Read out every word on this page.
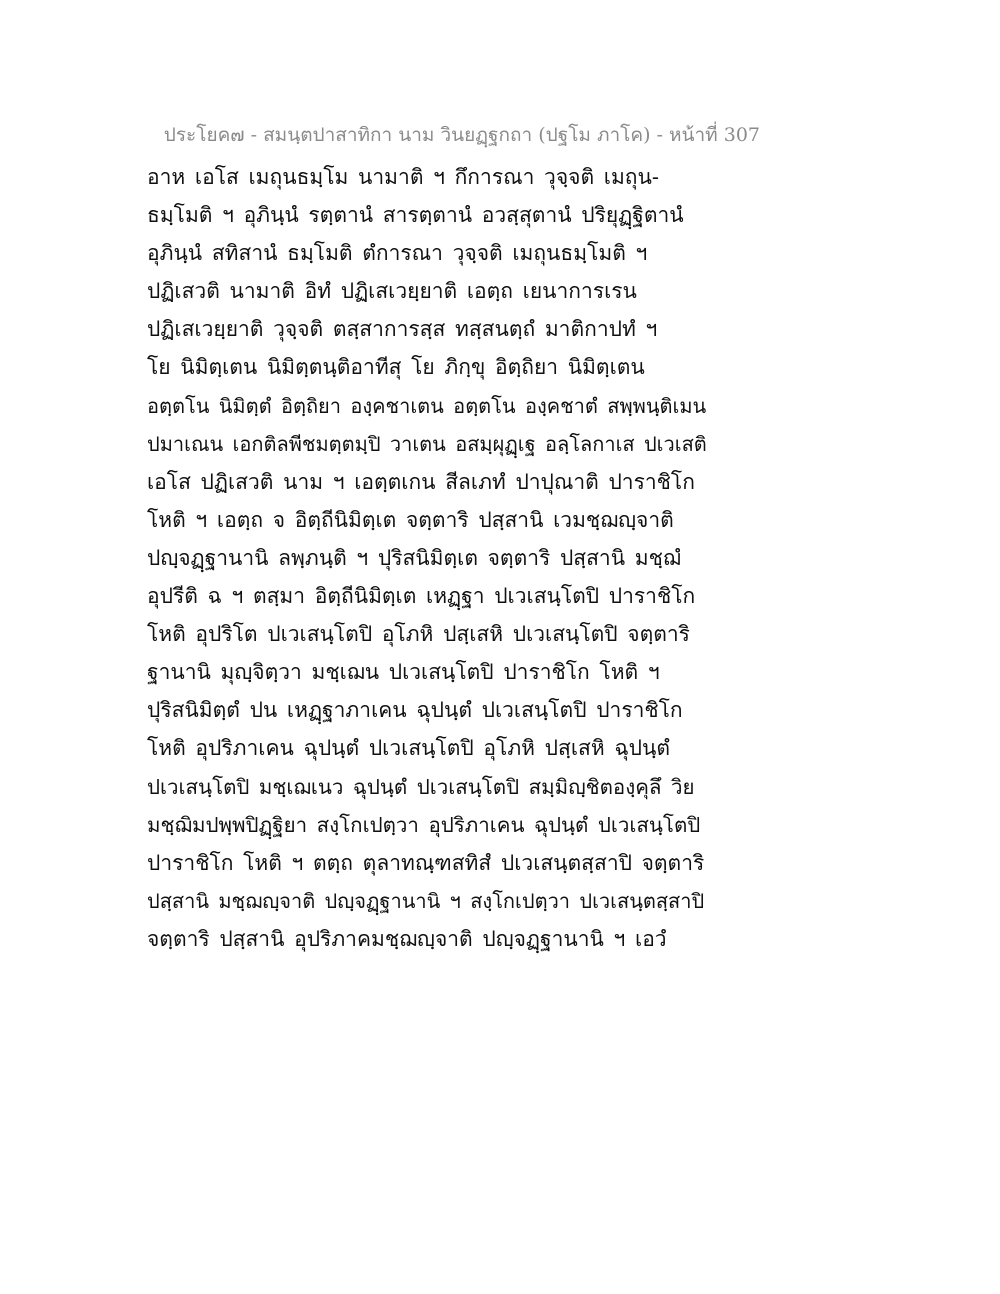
ประโยค๗ - สมนฺตปาสาทิกา นาม วินยฏฺฐกถา (ปฐโม ภาโค) - หน้าที่ 307
อาห เอโส เมถุนธมฺโม นามาติ ฯ กึการณา วุจฺจติ เมถุน-
ธมฺโมติ ฯ อุภินฺนํ รตฺตานํ สารตฺตานํ อวสฺสุตานํ ปริยุฏฺฐิตานํ
อุภินฺนํ สทิสานํ ธมฺโมติ ตํการณา วุจฺจติ เมถุนธมฺโมติ ฯ
ปฏิเสวติ นามาติ อิทํ ปฏิเสเวยฺยาติ เอตฺถ เยนาการเรน
ปฏิเสเวยฺยาติ วุจฺจติ ตสฺสาการสฺส ทสฺสนตฺถํ มาติกาปทํ ฯ
โย นิมิตฺเตน นิมิตฺตนฺติอาทีสุ โย ภิกฺขุ อิตฺถิยา นิมิตฺเตน
อตฺตโน นิมิตฺตํ อิตฺถิยา องฺคชาเตน อตฺตโน องฺคชาตํ สพฺพนฺติเมน
ปมาเณน เอกติลพีชมตฺตมฺปิ วาเตน อสมฺผุฏฺเฐ อลฺโลกาเส ปเวเสติ
เอโส ปฏิเสวติ นาม ฯ เอตฺตเกน สีลเภทํ ปาปุณาติ ปาราชิโก
โหติ ฯ เอตฺถ จ อิตฺถีนิมิตฺเต จตฺตาริ ปสฺสานิ เวมชฺฌญฺจาติ
ปญฺจฏฺฐานานิ ลพฺภนฺติ ฯ ปุริสนิมิตฺเต จตฺตาริ ปสฺสานิ มชฺฌํ
อุปรีติ ฉ ฯ ตสฺมา อิตฺถีนิมิตฺเต เหฏฺฐา ปเวเสนฺโตปิ ปาราชิโก
โหติ อุปริโต ปเวเสนฺโตปิ อุโภหิ ปสฺเสหิ ปเวเสนฺโตปิ จตฺตาริ
ฐานานิ มุญฺจิตฺวา มชฺเฌน ปเวเสนฺโตปิ ปาราชิโก โหติ ฯ
ปุริสนิมิตฺตํ ปน เหฏฺฐาภาเคน ฉุปนฺตํ ปเวเสนฺโตปิ ปาราชิโก
โหติ อุปริภาเคน ฉุปนฺตํ ปเวเสนฺโตปิ อุโภหิ ปสฺเสหิ ฉุปนฺตํ
ปเวเสนฺโตปิ มชฺเฌเนว ฉุปนฺตํ ปเวเสนฺโตปิ สมฺมิญฺชิตองฺคุลึ วิย
มชฺฌิมปพฺพปิฏฺฐิยา สงฺโกเปตฺวา อุปริภาเคน ฉุปนฺตํ ปเวเสนฺโตปิ
ปาราชิโก โหติ ฯ ตตฺถ ตุลาทณฺฑสทิสํ ปเวเสนฺตสฺสาปิ จตฺตาริ
ปสฺสานิ มชฺฌญฺจาติ ปญฺจฏฺฐานานิ ฯ สงฺโกเปตฺวา ปเวเสนฺตสฺสาปิ
จตฺตาริ ปสฺสานิ อุปริภาคมชฺฌญฺจาติ ปญฺจฏฺฐานานิ ฯ เอวํ
